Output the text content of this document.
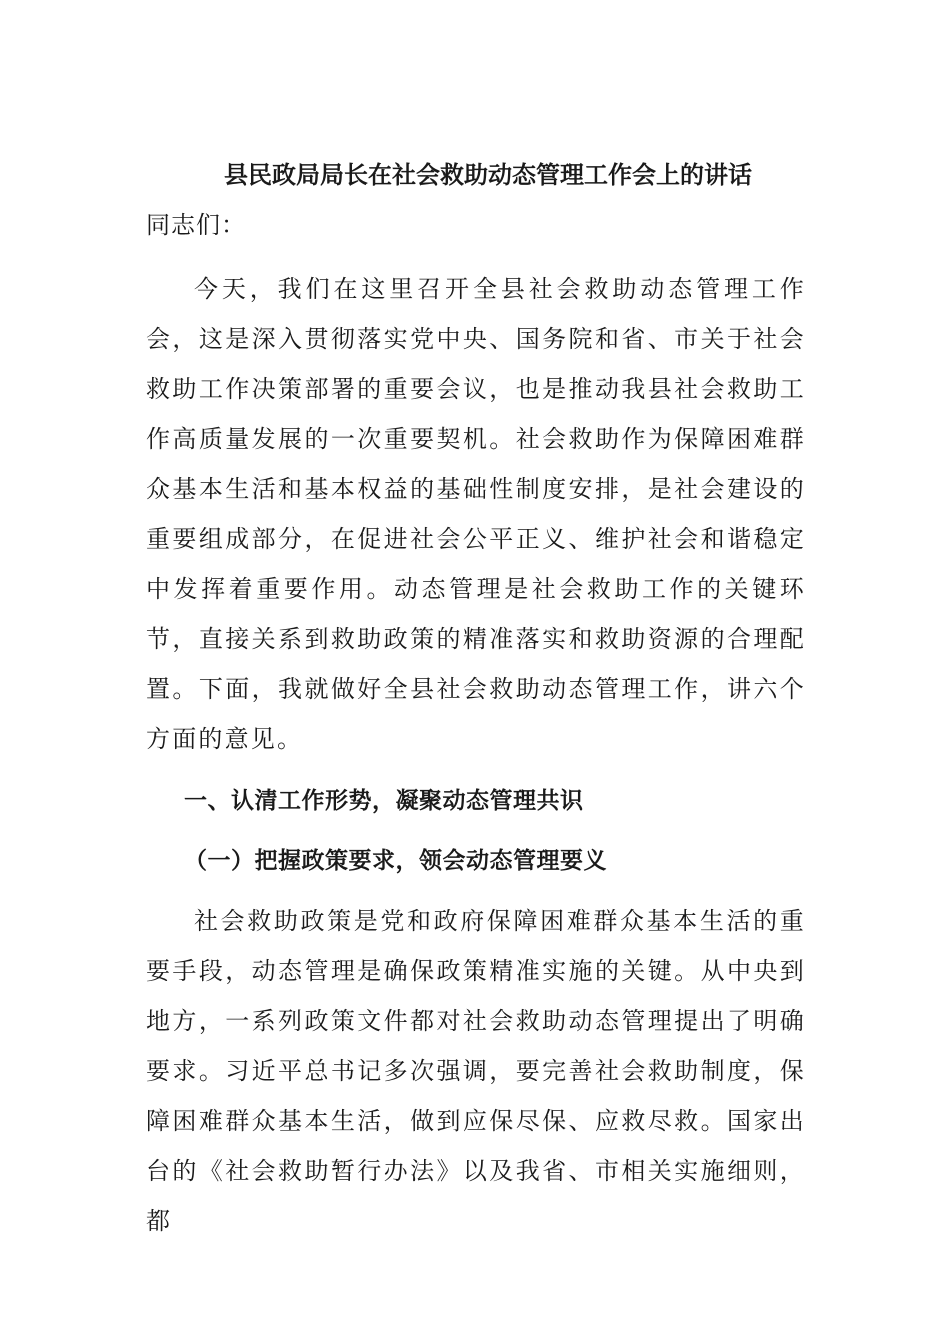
县民政局局长在社会救助动态管理工作会上的讲话

同志们：

今天，我们在这里召开全县社会救助动态管理工作会，这是深入贯彻落实党中央、国务院和省、市关于社会救助工作决策部署的重要会议，也是推动我县社会救助工作高质量发展的一次重要契机。社会救助作为保障困难群众基本生活和基本权益的基础性制度安排，是社会建设的重要组成部分，在促进社会公平正义、维护社会和谐稳定中发挥着重要作用。动态管理是社会救助工作的关键环节，直接关系到救助政策的精准落实和救助资源的合理配置。下面，我就做好全县社会救助动态管理工作，讲六个方面的意见。

一、认清工作形势，凝聚动态管理共识

（一）把握政策要求，领会动态管理要义

社会救助政策是党和政府保障困难群众基本生活的重要手段，动态管理是确保政策精准实施的关键。从中央到地方，一系列政策文件都对社会救助动态管理提出了明确要求。习近平总书记多次强调，要完善社会救助制度，保障困难群众基本生活，做到应保尽保、应救尽救。国家出台的《社会救助暂行办法》以及我省、市相关实施细则，都
